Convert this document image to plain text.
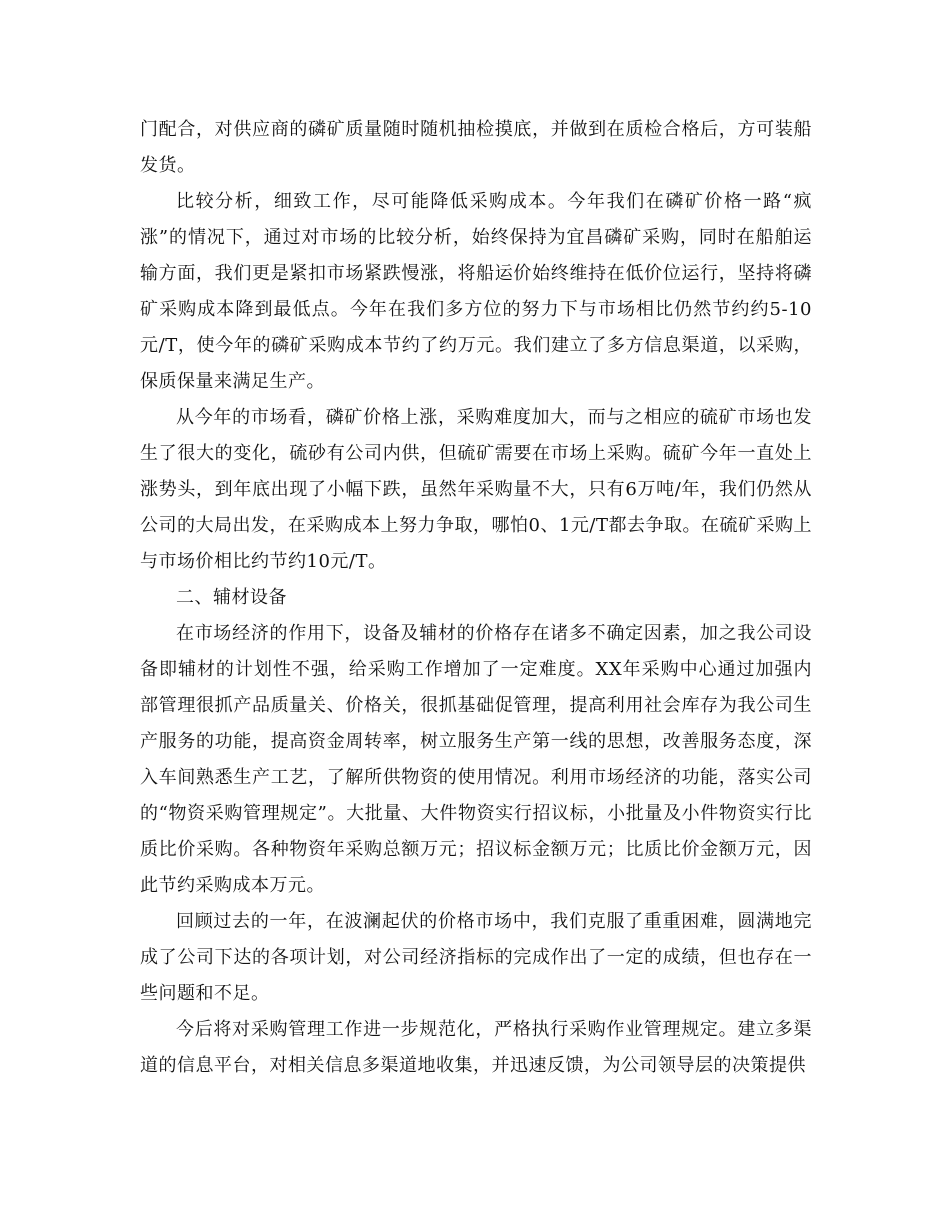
门配合，对供应商的磷矿质量随时随机抽检摸底，并做到在质检合格后，方可装船发货。

比较分析，细致工作，尽可能降低采购成本。今年我们在磷矿价格一路“疯涨”的情况下，通过对市场的比较分析，始终保持为宜昌磷矿采购，同时在船舶运输方面，我们更是紧扣市场紧跌慢涨，将船运价始终维持在低价位运行，坚持将磷矿采购成本降到最低点。今年在我们多方位的努力下与市场相比仍然节约约5-10元/T，使今年的磷矿采购成本节约了约万元。我们建立了多方信息渠道，以采购，保质保量来满足生产。

从今年的市场看，磷矿价格上涨，采购难度加大，而与之相应的硫矿市场也发生了很大的变化，硫砂有公司内供，但硫矿需要在市场上采购。硫矿今年一直处上涨势头，到年底出现了小幅下跌，虽然年采购量不大，只有6万吨/年，我们仍然从公司的大局出发，在采购成本上努力争取，哪怕0、1元/T都去争取。在硫矿采购上与市场价相比约节约10元/T。

二、辅材设备

在市场经济的作用下，设备及辅材的价格存在诸多不确定因素，加之我公司设备即辅材的计划性不强，给采购工作增加了一定难度。XX年采购中心通过加强内部管理很抓产品质量关、价格关，很抓基础促管理，提高利用社会库存为我公司生产服务的功能，提高资金周转率，树立服务生产第一线的思想，改善服务态度，深入车间熟悉生产工艺，了解所供物资的使用情况。利用市场经济的功能，落实公司的“物资采购管理规定”。大批量、大件物资实行招议标，小批量及小件物资实行比质比价采购。各种物资年采购总额万元；招议标金额万元；比质比价金额万元，因此节约采购成本万元。

回顾过去的一年，在波澜起伏的价格市场中，我们克服了重重困难，圆满地完成了公司下达的各项计划，对公司经济指标的完成作出了一定的成绩，但也存在一些问题和不足。

今后将对采购管理工作进一步规范化，严格执行采购作业管理规定。建立多渠道的信息平台，对相关信息多渠道地收集，并迅速反馈，为公司领导层的决策提供
